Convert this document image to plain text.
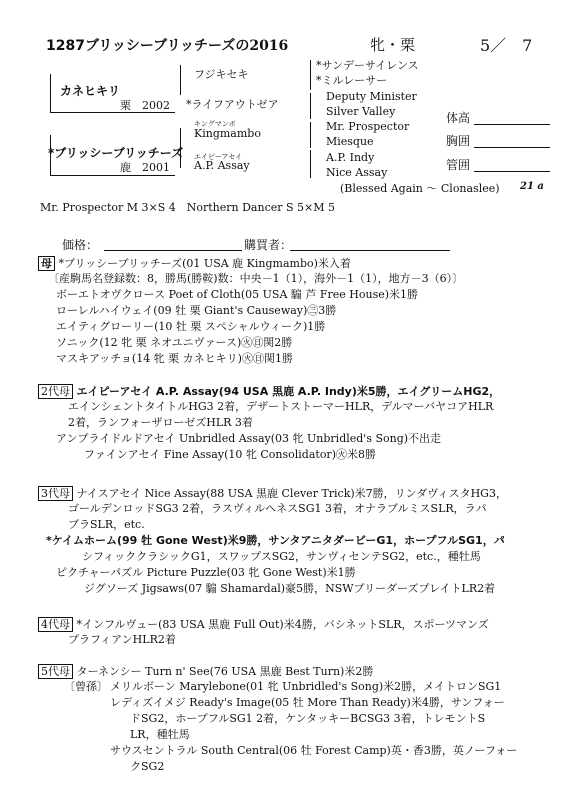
1287ブリッシーブリッチーズの2016	牝・栗	5／　7
カネヒキリ
栗　2002
*ブリッシーブリッチーズ
鹿　2001
フジキセキ
*ライフアウトゼア
キングマンボ
Kingmambo
エイピーアセイ
A.P. Assay
*サンデーサイレンス
*ミルレーサー
Deputy Minister
Silver Valley
Mr. Prospector
Miesque
A.P. Indy
Nice Assay
(Blessed Again ～ Clonaslee) 21 a
体高
胸囲
管囲
Mr. Prospector M 3×S 4　Northern Dancer S 5×M 5
価格：	購買者：
母 *ブリッシーブリッチーズ(01 USA 鹿 Kingmambo)米入着
〔産駒馬名登録数：8，勝馬(勝鞍)数：中央－1（1），海外－1（1），地方－3（6）〕
ボーエトオヴクロース Poet of Cloth(05 USA 騸 芦 Free House)米1勝
ローレルハイウェイ(09 牡 栗 Giant's Causeway)㊂3勝
エイティグローリー(10 牡 栗 スペシャルウィーク)1勝
ソニック(12 牝 栗 ネオユニヴァース)㊋㊐関2勝
マスキアッチョ(14 牝 栗 カネヒキリ)㊋㊐関1勝
2代母 エイピーアセイ A.P. Assay(94 USA 黒鹿 A.P. Indy)米5勝，エイグリームHG2，
エインシェントタイトルHG3 2着，デザートストーマーHLR，デルマーバヤコアHLR
2着，ランフォーザローゼズHLR 3着
アンブライドルドアセイ Unbridled Assay(03 牝 Unbridled's Song)不出走
ファインアセイ Fine Assay(10 牝 Consolidator)㊋米8勝
3代母 ナイスアセイ Nice Assay(88 USA 黒鹿 Clever Trick)米7勝，リンダヴィスタHG3，
ゴールデンロッドSG3 2着，ラスヴィルヘネスSG1 3着，オナラブルミスSLR，ラパ
ブラSLR，etc.
*ケイムホーム(99 牡 Gone West)米9勝，サンタアニタダービーG1，ホープフルSG1，パ
シフィッククラシックG1，スワップスSG2，サンヴィセンテSG2，etc.，種牡馬
ピクチャーパズル Picture Puzzle(03 牝 Gone West)米1勝
ジグソーズ Jigsaws(07 騸 Shamardal)豪5勝，NSWブリーダーズプレイトLR2着
4代母 *インフルヴュー(83 USA 黒鹿 Full Out)米4勝，バシネットSLR，スポーツマンズ
プラフィアンHLR2着
5代母 ターネンシー Turn n' See(76 USA 黒鹿 Best Turn)米2勝
〔曾孫〕 メリルボーン Marylebone(01 牝 Unbridled's Song)米2勝，メイトロンSG1
レディズイメジ Ready's Image(05 牡 More Than Ready)米4勝，サンフォー
ドSG2，ホープフルSG1 2着，ケンタッキーBCSG3 3着，トレモントS
LR，種牡馬
サウスセントラル South Central(06 牡 Forest Camp)英・香3勝，英ノーフォー
クSG2
